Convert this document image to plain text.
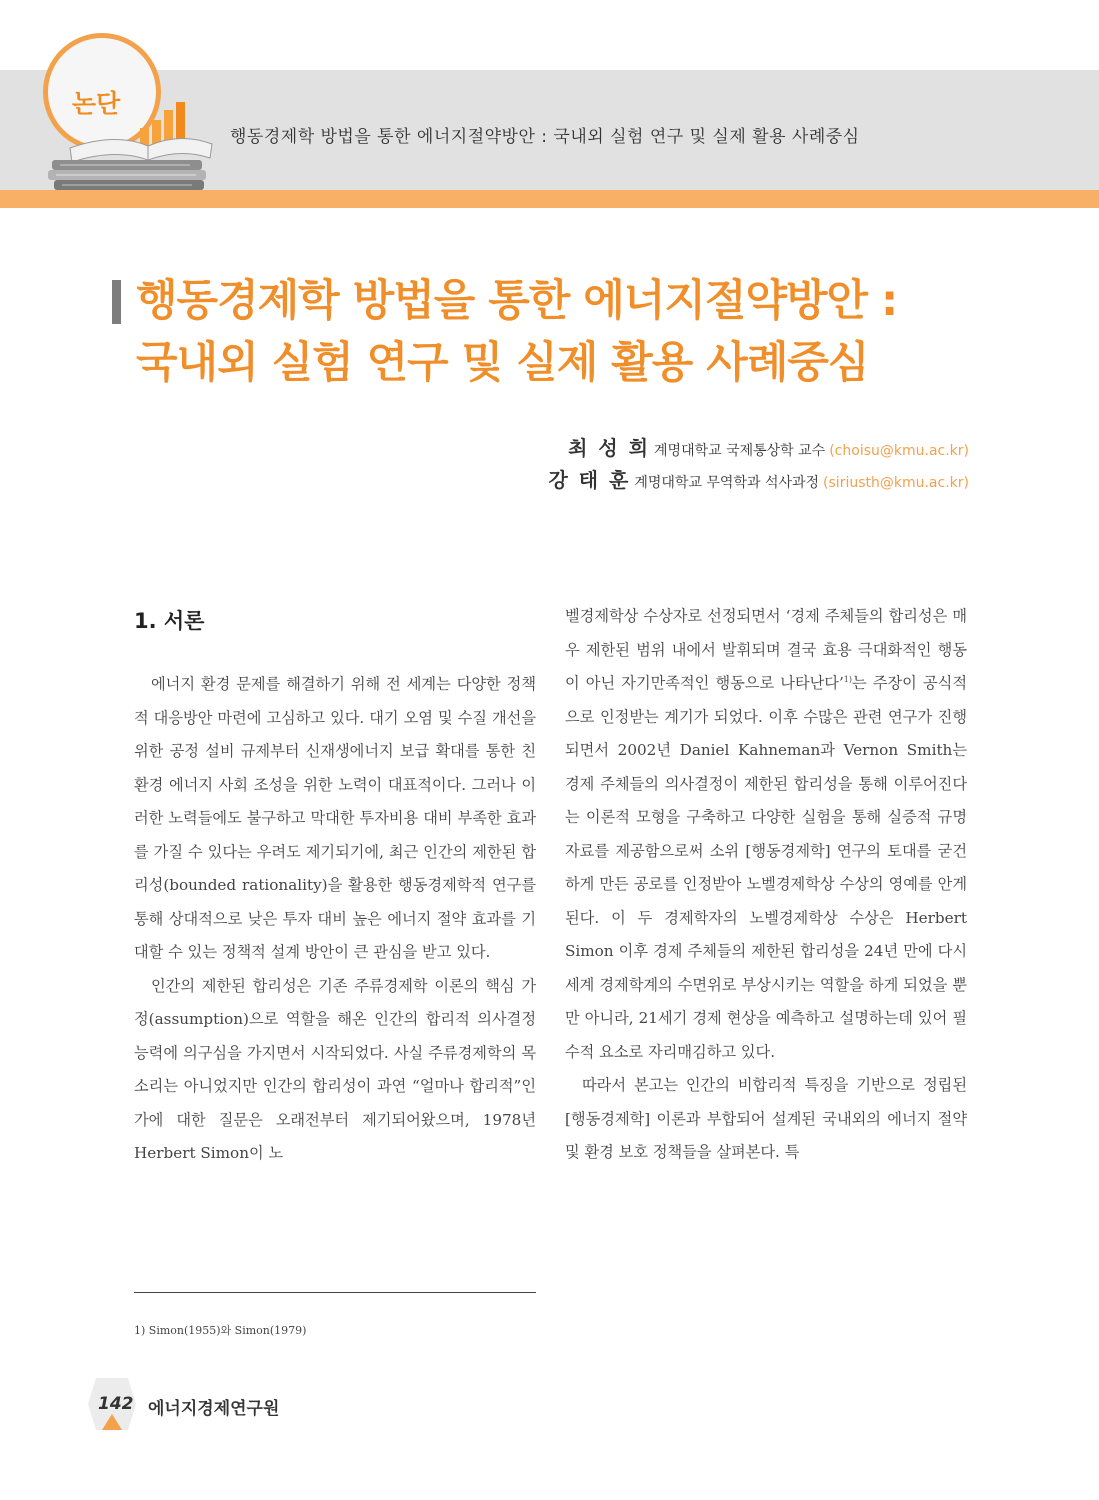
행동경제학 방법을 통한 에너지절약방안 : 국내외 실험 연구 및 실제 활용 사례중심
논단
행동경제학 방법을 통한 에너지절약방안 :
국내외 실험 연구 및 실제 활용 사례중심
최 성 희 계명대학교 국제통상학 교수 (choisu@kmu.ac.kr)
강 태 훈 계명대학교 무역학과 석사과정 (siriusth@kmu.ac.kr)
1. 서론

에너지 환경 문제를 해결하기 위해 전 세계는 다양한 정책적 대응방안 마련에 고심하고 있다. 대기 오염 및 수질 개선을 위한 공정 설비 규제부터 신재생에너지 보급 확대를 통한 친환경 에너지 사회 조성을 위한 노력이 대표적이다. 그러나 이러한 노력들에도 불구하고 막대한 투자비용 대비 부족한 효과를 가질 수 있다는 우려도 제기되기에, 최근 인간의 제한된 합리성(bounded rationality)을 활용한 행동경제학적 연구를 통해 상대적으로 낮은 투자 대비 높은 에너지 절약 효과를 기대할 수 있는 정책적 설계 방안이 큰 관심을 받고 있다.

인간의 제한된 합리성은 기존 주류경제학 이론의 핵심 가정(assumption)으로 역할을 해온 인간의 합리적 의사결정 능력에 의구심을 가지면서 시작되었다. 사실 주류경제학의 목소리는 아니었지만 인간의 합리성이 과연 “얼마나 합리적”인가에 대한 질문은 오래전부터 제기되어왔으며, 1978년 Herbert Simon이 노

벨경제학상 수상자로 선정되면서 ‘경제 주체들의 합리성은 매우 제한된 범위 내에서 발휘되며 결국 효용 극대화적인 행동이 아닌 자기만족적인 행동으로 나타난다’$^{1)}$는 주장이 공식적으로 인정받는 계기가 되었다. 이후 수많은 관련 연구가 진행되면서 2002년 Daniel Kahneman과 Vernon Smith는 경제 주체들의 의사결정이 제한된 합리성을 통해 이루어진다는 이론적 모형을 구축하고 다양한 실험을 통해 실증적 규명자료를 제공함으로써 소위 [행동경제학] 연구의 토대를 굳건하게 만든 공로를 인정받아 노벨경제학상 수상의 영예를 안게 된다. 이 두 경제학자의 노벨경제학상 수상은 Herbert Simon 이후 경제 주체들의 제한된 합리성을 24년 만에 다시 세계 경제학계의 수면위로 부상시키는 역할을 하게 되었을 뿐만 아니라, 21세기 경제 현상을 예측하고 설명하는데 있어 필수적 요소로 자리매김하고 있다.

따라서 본고는 인간의 비합리적 특징을 기반으로 정립된 [행동경제학] 이론과 부합되어 설계된 국내외의 에너지 절약 및 환경 보호 정책들을 살펴본다. 특

1) Simon(1955)와 Simon(1979)
142 에너지경제연구원
